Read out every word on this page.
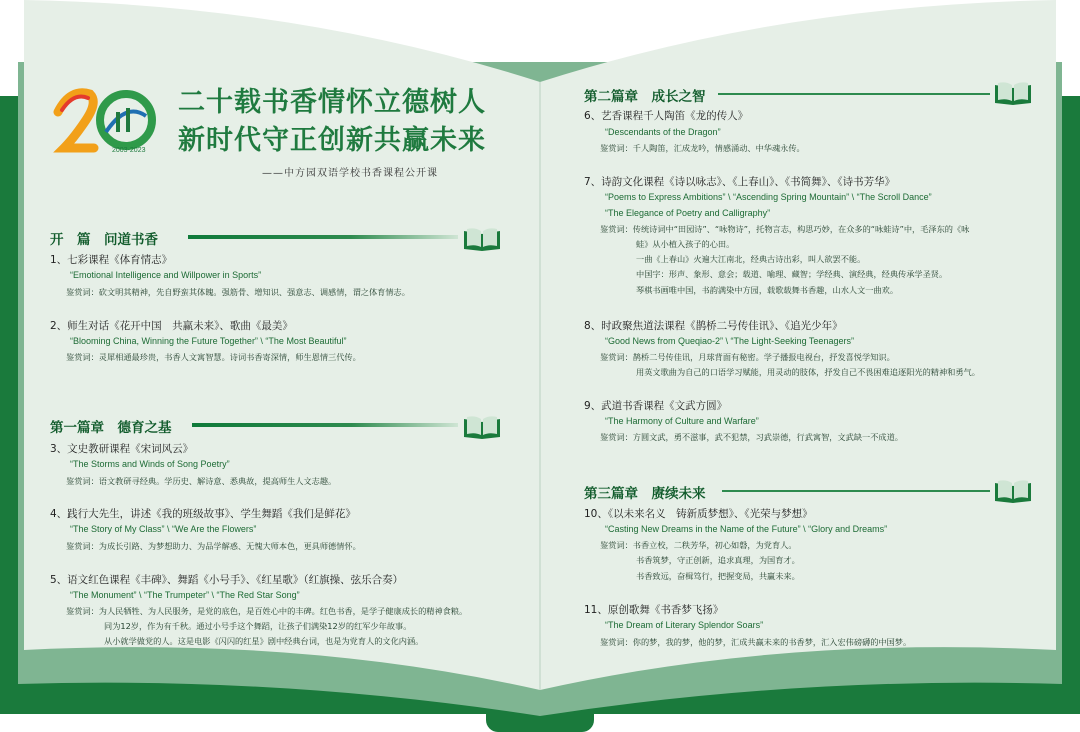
2003-2023
二十载书香情怀立德树人
新时代守正创新共赢未来
——中方园双语学校书香课程公开课
开　篇　问道书香
1、七彩课程《体育情志》
“Emotional Intelligence and Willpower in Sports”
鉴赏词：砍文明其精神，先自野蛮其体魄。强筋骨、增知识、强意志、调感情，谓之体育情志。
2、师生对话《花开中国　共赢未来》、歌曲《最美》
“Blooming China, Winning the Future Together” \ “The Most Beautiful”
鉴赏词：灵犀相通最珍贵，书香人文寓智慧。诗词书香寄深情，师生恩情三代传。
第一篇章　德育之基
3、文史教研课程《宋词风云》
“The Storms and Winds of Song Poetry”
鉴赏词：语文教研寻经典。学历史、解诗意、悉典故，提高师生人文志趣。
4、践行大先生，讲述《我的班级故事》、学生舞蹈《我们是鲜花》
“The Story of My Class” \ “We Are the Flowers”
鉴赏词：为成长引路、为梦想助力、为品学解惑、无愧大师本色，更具师德情怀。
5、语文红色课程《丰碑》、舞蹈《小号手》、《红星歌》（红旗操、弦乐合奏）
“The Monument” \ “The Trumpeter” \ “The Red Star Song”
鉴赏词：为人民牺牲、为人民服务，是党的底色，是百姓心中的丰碑。红色书香，是学子健康成长的精神食粮。
同为12岁，作为有千秋。通过小号手这个舞蹈，让孩子们满染12岁的红军少年故事。
从小就学做党的人。这是电影《闪闪的红星》剧中经典台词，也是为党育人的文化内涵。
第二篇章　成长之智
6、艺香课程千人陶笛《龙的传人》
“Descendants of the Dragon”
鉴赏词：千人陶笛，汇成龙吟，情感涌动、中华魂永传。
7、诗韵文化课程《诗以咏志》、《上春山》、《书简舞》、《诗书芳华》
“Poems to Express Ambitions” \ “Ascending Spring Mountain” \ “The Scroll Dance”
“The Elegance of Poetry and Calligraphy”
鉴赏词：传统诗词中“田园诗”、“咏物诗”，托物言志，构思巧妙，在众多的“咏蛙诗”中，毛泽东的《咏
蛙》从小植入孩子的心田。
一曲《上春山》火遍大江南北，经典古诗出彩，叫人欲罢不能。
中国字：形声、象形、意会；载道、喻理、藏智；学经典、演经典，经典传承学圣贤。
琴棋书画唯中国，书韵满染中方园，载歌载舞书香趣，山水人文一曲欢。
8、时政聚焦道法课程《鹊桥二号传佳讯》、《追光少年》
“Good News from Queqiao-2” \ “The Light-Seeking Teenagers”
鉴赏词：鹊桥二号传佳讯，月球背面有秘密。学子播报电视台，抒发喜悦学知识。
用英文歌曲为自己的口语学习赋能，用灵动的肢体，抒发自己不畏困难追逐阳光的精神和勇气。
9、武道书香课程《文武方圆》
“The Harmony of Culture and Warfare”
鉴赏词：方圆文武，勇不滋事，武不犯禁，习武崇德，行武寓智，文武缺一不成道。
第三篇章　赓续未来
10、《以未来名义　铸新质梦想》、《光荣与梦想》
“Casting New Dreams in the Name of the Future” \ “Glory and Dreams”
鉴赏词：书香立校，二秩芳华，初心如磐，为党育人。
书香筑梦，守正创新，追求真理，为国育才。
书香致远，奋楫笃行，把握变局，共赢未来。
11、原创歌舞《书香梦飞扬》
“The Dream of Literary Splendor Soars”
鉴赏词：你的梦，我的梦，他的梦，汇成共赢未来的书香梦，汇入宏伟磅礴的中国梦。
